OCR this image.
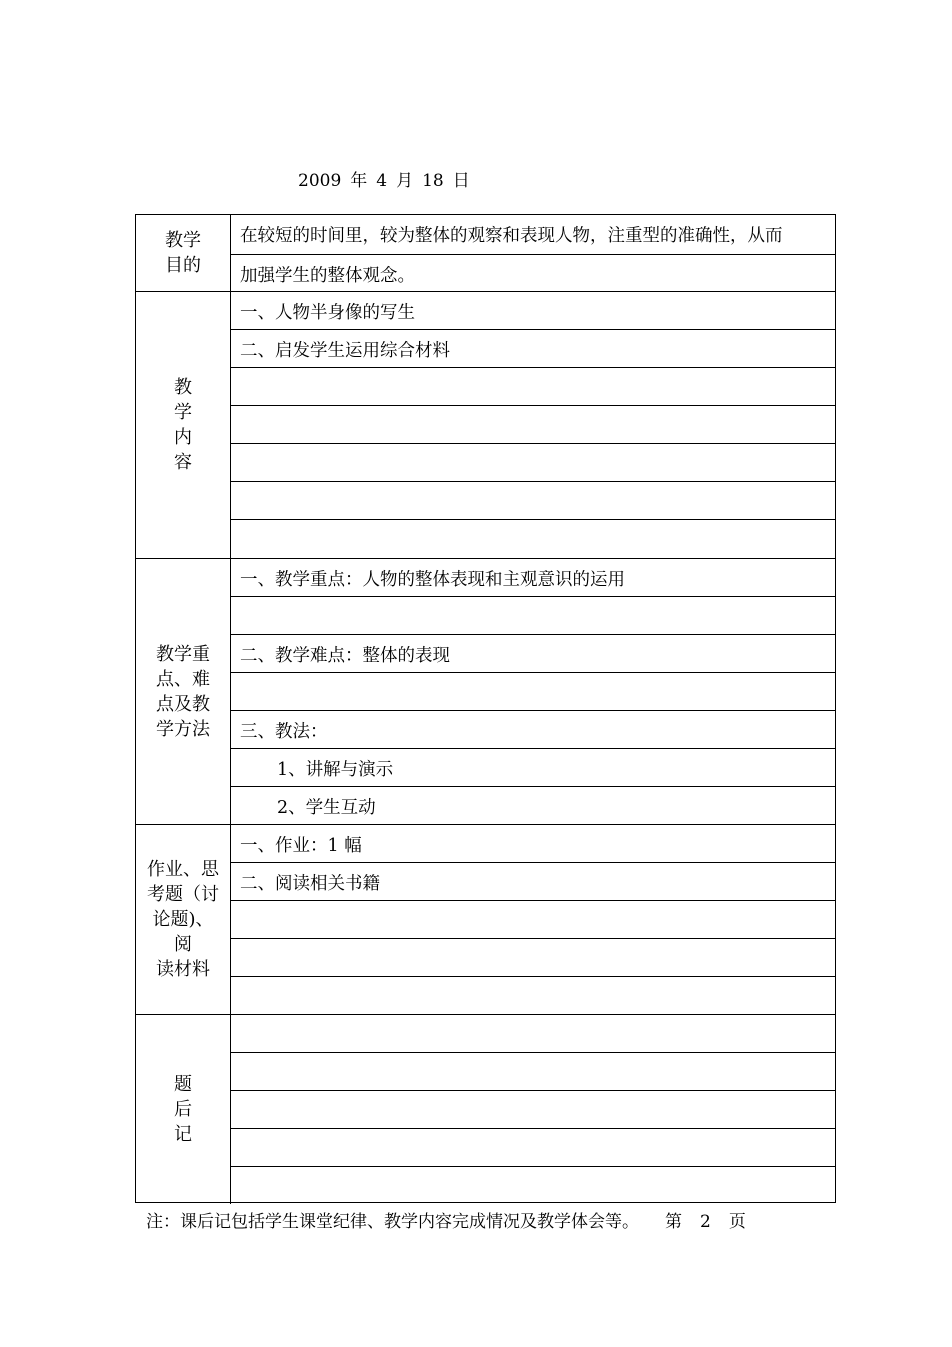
2009 年 4 月 18 日
教学
目的
在较短的时间里，较为整体的观察和表现人物，注重型的准确性，从而
加强学生的整体观念。
教
学
内
容
一、人物半身像的写生
二、启发学生运用综合材料
教学重
点、难
点及教
学方法
一、教学重点：人物的整体表现和主观意识的运用
二、教学难点：整体的表现
三、教法：
1、讲解与演示
2、学生互动
作业、思
考题（讨
论题)、阅
读材料
一、作业：1 幅
二、阅读相关书籍
题
后
记
注：课后记包括学生课堂纪律、教学内容完成情况及教学体会等。 第 2 页
